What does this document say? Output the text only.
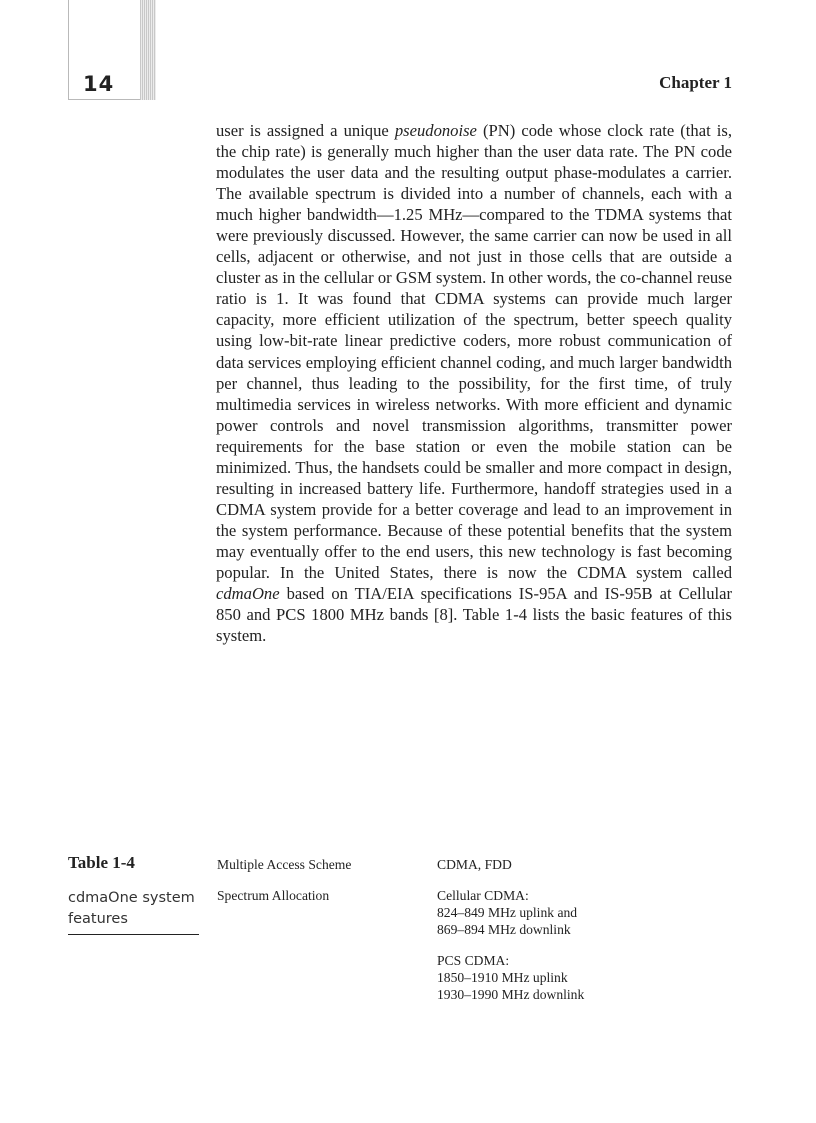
14	Chapter 1

user is assigned a unique pseudonoise (PN) code whose clock rate (that is, the chip rate) is generally much higher than the user data rate. The PN code modulates the user data and the resulting output phase-modulates a carrier. The available spectrum is divided into a number of channels, each with a much higher bandwidth—1.25 MHz—compared to the TDMA systems that were previously discussed. However, the same carrier can now be used in all cells, adjacent or otherwise, and not just in those cells that are outside a cluster as in the cellular or GSM system. In other words, the co-channel reuse ratio is 1. It was found that CDMA systems can provide much larger capacity, more efficient utilization of the spectrum, better speech quality using low-bit-rate linear predictive coders, more robust communication of data services employing efficient channel coding, and much larger bandwidth per channel, thus leading to the possibility, for the first time, of truly multimedia services in wireless networks. With more efficient and dynamic power controls and novel transmission algorithms, transmitter power requirements for the base station or even the mobile station can be minimized. Thus, the handsets could be smaller and more compact in design, resulting in increased battery life. Furthermore, handoff strategies used in a CDMA system provide for a better coverage and lead to an improvement in the system performance. Because of these potential benefits that the system may eventually offer to the end users, this new technology is fast becoming popular. In the United States, there is now the CDMA system called cdmaOne based on TIA/EIA specifications IS-95A and IS-95B at Cellular 850 and PCS 1800 MHz bands [8]. Table 1-4 lists the basic features of this system.

Table 1-4
cdmaOne system features
Multiple Access Scheme	CDMA, FDD
Spectrum Allocation	Cellular CDMA:
824–849 MHz uplink and
869–894 MHz downlink
PCS CDMA:
1850–1910 MHz uplink
1930–1990 MHz downlink
